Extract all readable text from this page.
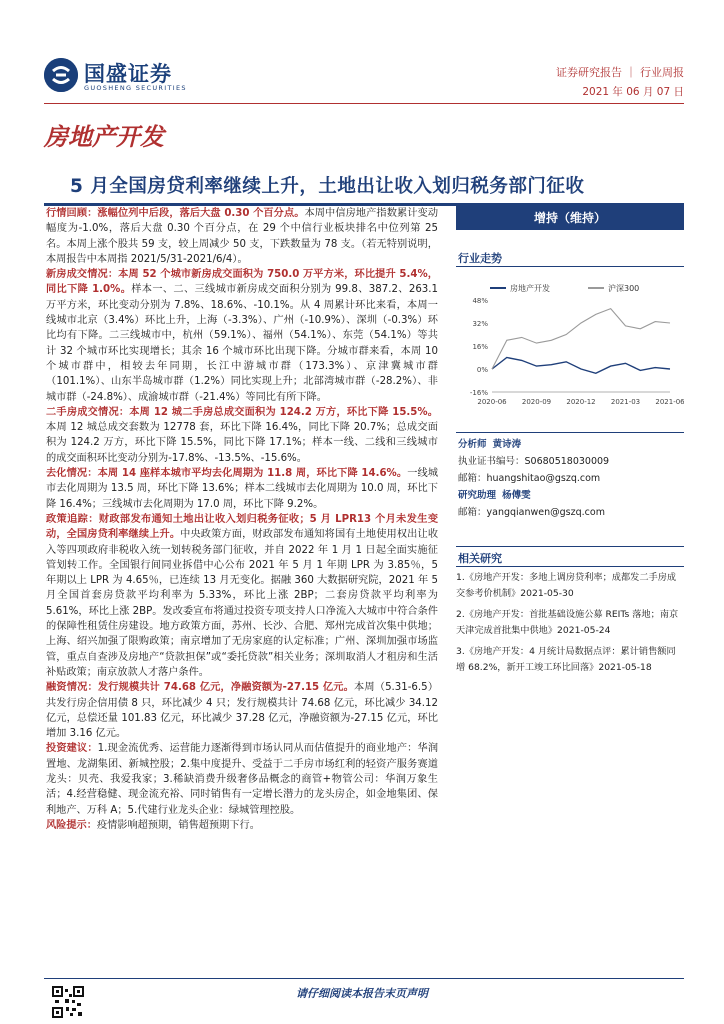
国盛证券
GUOSHENG SECURITIES
证券研究报告 ｜ 行业周报
2021 年 06 月 07 日
房地产开发
5 月全国房贷利率继续上升，土地出让收入划归税务部门征收

行情回顾：涨幅位列中后段，落后大盘 0.30 个百分点。本周中信房地产指数累计变动幅度为-1.0%，落后大盘 0.30 个百分点，在 29 个中信行业板块排名中位列第 25 名。本周上涨个股共 59 支，较上周减少 50 支，下跌数量为 78 支。（若无特别说明，本周报告中本周指 2021/5/31-2021/6/4）。

新房成交情况：本周 52 个城市新房成交面积为 750.0 万平方米，环比提升 5.4%，同比下降 1.0%。样本一、二、三线城市新房成交面积分别为 99.8、387.2、263.1 万平方米，环比变动分别为 7.8%、18.6%、-10.1%。从 4 周累计环比来看，本周一线城市北京（3.4%）环比上升，上海（-3.3%）、广州（-10.9%）、深圳（-0.3%）环比均有下降。二三线城市中，杭州（59.1%）、福州（54.1%）、东莞（54.1%）等共计 32 个城市环比实现增长；其余 16 个城市环比出现下降。分城市群来看，本周 10 个城市群中，相较去年同期，长江中游城市群（173.3%）、京津冀城市群（101.1%）、山东半岛城市群（1.2%）同比实现上升；北部湾城市群（-28.2%）、非城市群（-24.8%）、成渝城市群（-21.4%）等同比有所下降。

二手房成交情况：本周 12 城二手房总成交面积为 124.2 万方，环比下降 15.5%。本周 12 城总成交套数为 12778 套，环比下降 16.4%，同比下降 20.7%；总成交面积为 124.2 万方，环比下降 15.5%，同比下降 17.1%；样本一线、二线和三线城市的成交面积环比变动分别为-17.8%、-13.5%、-15.6%。

去化情况：本周 14 座样本城市平均去化周期为 11.8 周，环比下降 14.6%。一线城市去化周期为 13.5 周，环比下降 13.6%；样本二线城市去化周期为 10.0 周，环比下降 16.4%；三线城市去化周期为 17.0 周，环比下降 9.2%。

政策追踪：财政部发布通知土地出让收入划归税务征收；5 月 LPR13 个月未发生变动，全国房贷利率继续上升。中央政策方面，财政部发布通知将国有土地使用权出让收入等四项政府非税收入统一划转税务部门征收，并自 2022 年 1 月 1 日起全面实施征管划转工作。全国银行间同业拆借中心公布 2021 年 5 月 1 年期 LPR 为 3.85％，5 年期以上 LPR 为 4.65％，已连续 13 月无变化。据融 360 大数据研究院，2021 年 5 月全国首套房贷款平均利率为 5.33%，环比上涨 2BP；二套房贷款平均利率为 5.61%，环比上涨 2BP。发改委宣布将通过投资专项支持人口净流入大城市中符合条件的保障性租赁住房建设。地方政策方面，苏州、长沙、合肥、郑州完成首次集中供地；上海、绍兴加强了限购政策；南京增加了无房家庭的认定标准；广州、深圳加强市场监管，重点自查涉及房地产“贷款担保”或“委托贷款”相关业务；深圳取消人才租房和生活补贴政策；南京放款人才落户条件。

融资情况：发行规模共计 74.68 亿元，净融资额为-27.15 亿元。本周（5.31-6.5）共发行房企信用债 8 只，环比减少 4 只；发行规模共计 74.68 亿元，环比减少 34.12 亿元，总偿还量 101.83 亿元，环比减少 37.28 亿元，净融资额为-27.15 亿元，环比增加 3.16 亿元。

投资建议：1.现金流优秀、运营能力逐渐得到市场认同从而估值提升的商业地产：华润置地、龙湖集团、新城控股；2.集中度提升、受益于二手房市场红利的轻资产服务赛道龙头：贝壳、我爱我家；3.稀缺消费升级奢侈品概念的商管+物管公司：华润万象生活；4.经营稳健、现金流充裕、同时销售有一定增长潜力的龙头房企，如金地集团、保利地产、万科 A；5.代建行业龙头企业：绿城管理控股。

风险提示：疫情影响超预期，销售超预期下行。

增持（维持）
行业走势
48%
32%
16%
0%
-16%
2020-06 2020-09 2020-12 2021-03 2021-06
房地产开发	沪深300
分析师 黄诗涛
执业证书编号：S0680518030009
邮箱：huangshitao@gszq.com
研究助理 杨傅雯
邮箱：yangqianwen@gszq.com
相关研究

1.《房地产开发：多地上调房贷利率；成都发二手房成交参考价机制》2021-05-30

2.《房地产开发：首批基础设施公募 REITs 落地；南京天津完成首批集中供地》2021-05-24

3.《房地产开发：4 月统计局数据点评：累计销售额同增 68.2%，新开工竣工环比回落》2021-05-18

请仔细阅读本报告末页声明
